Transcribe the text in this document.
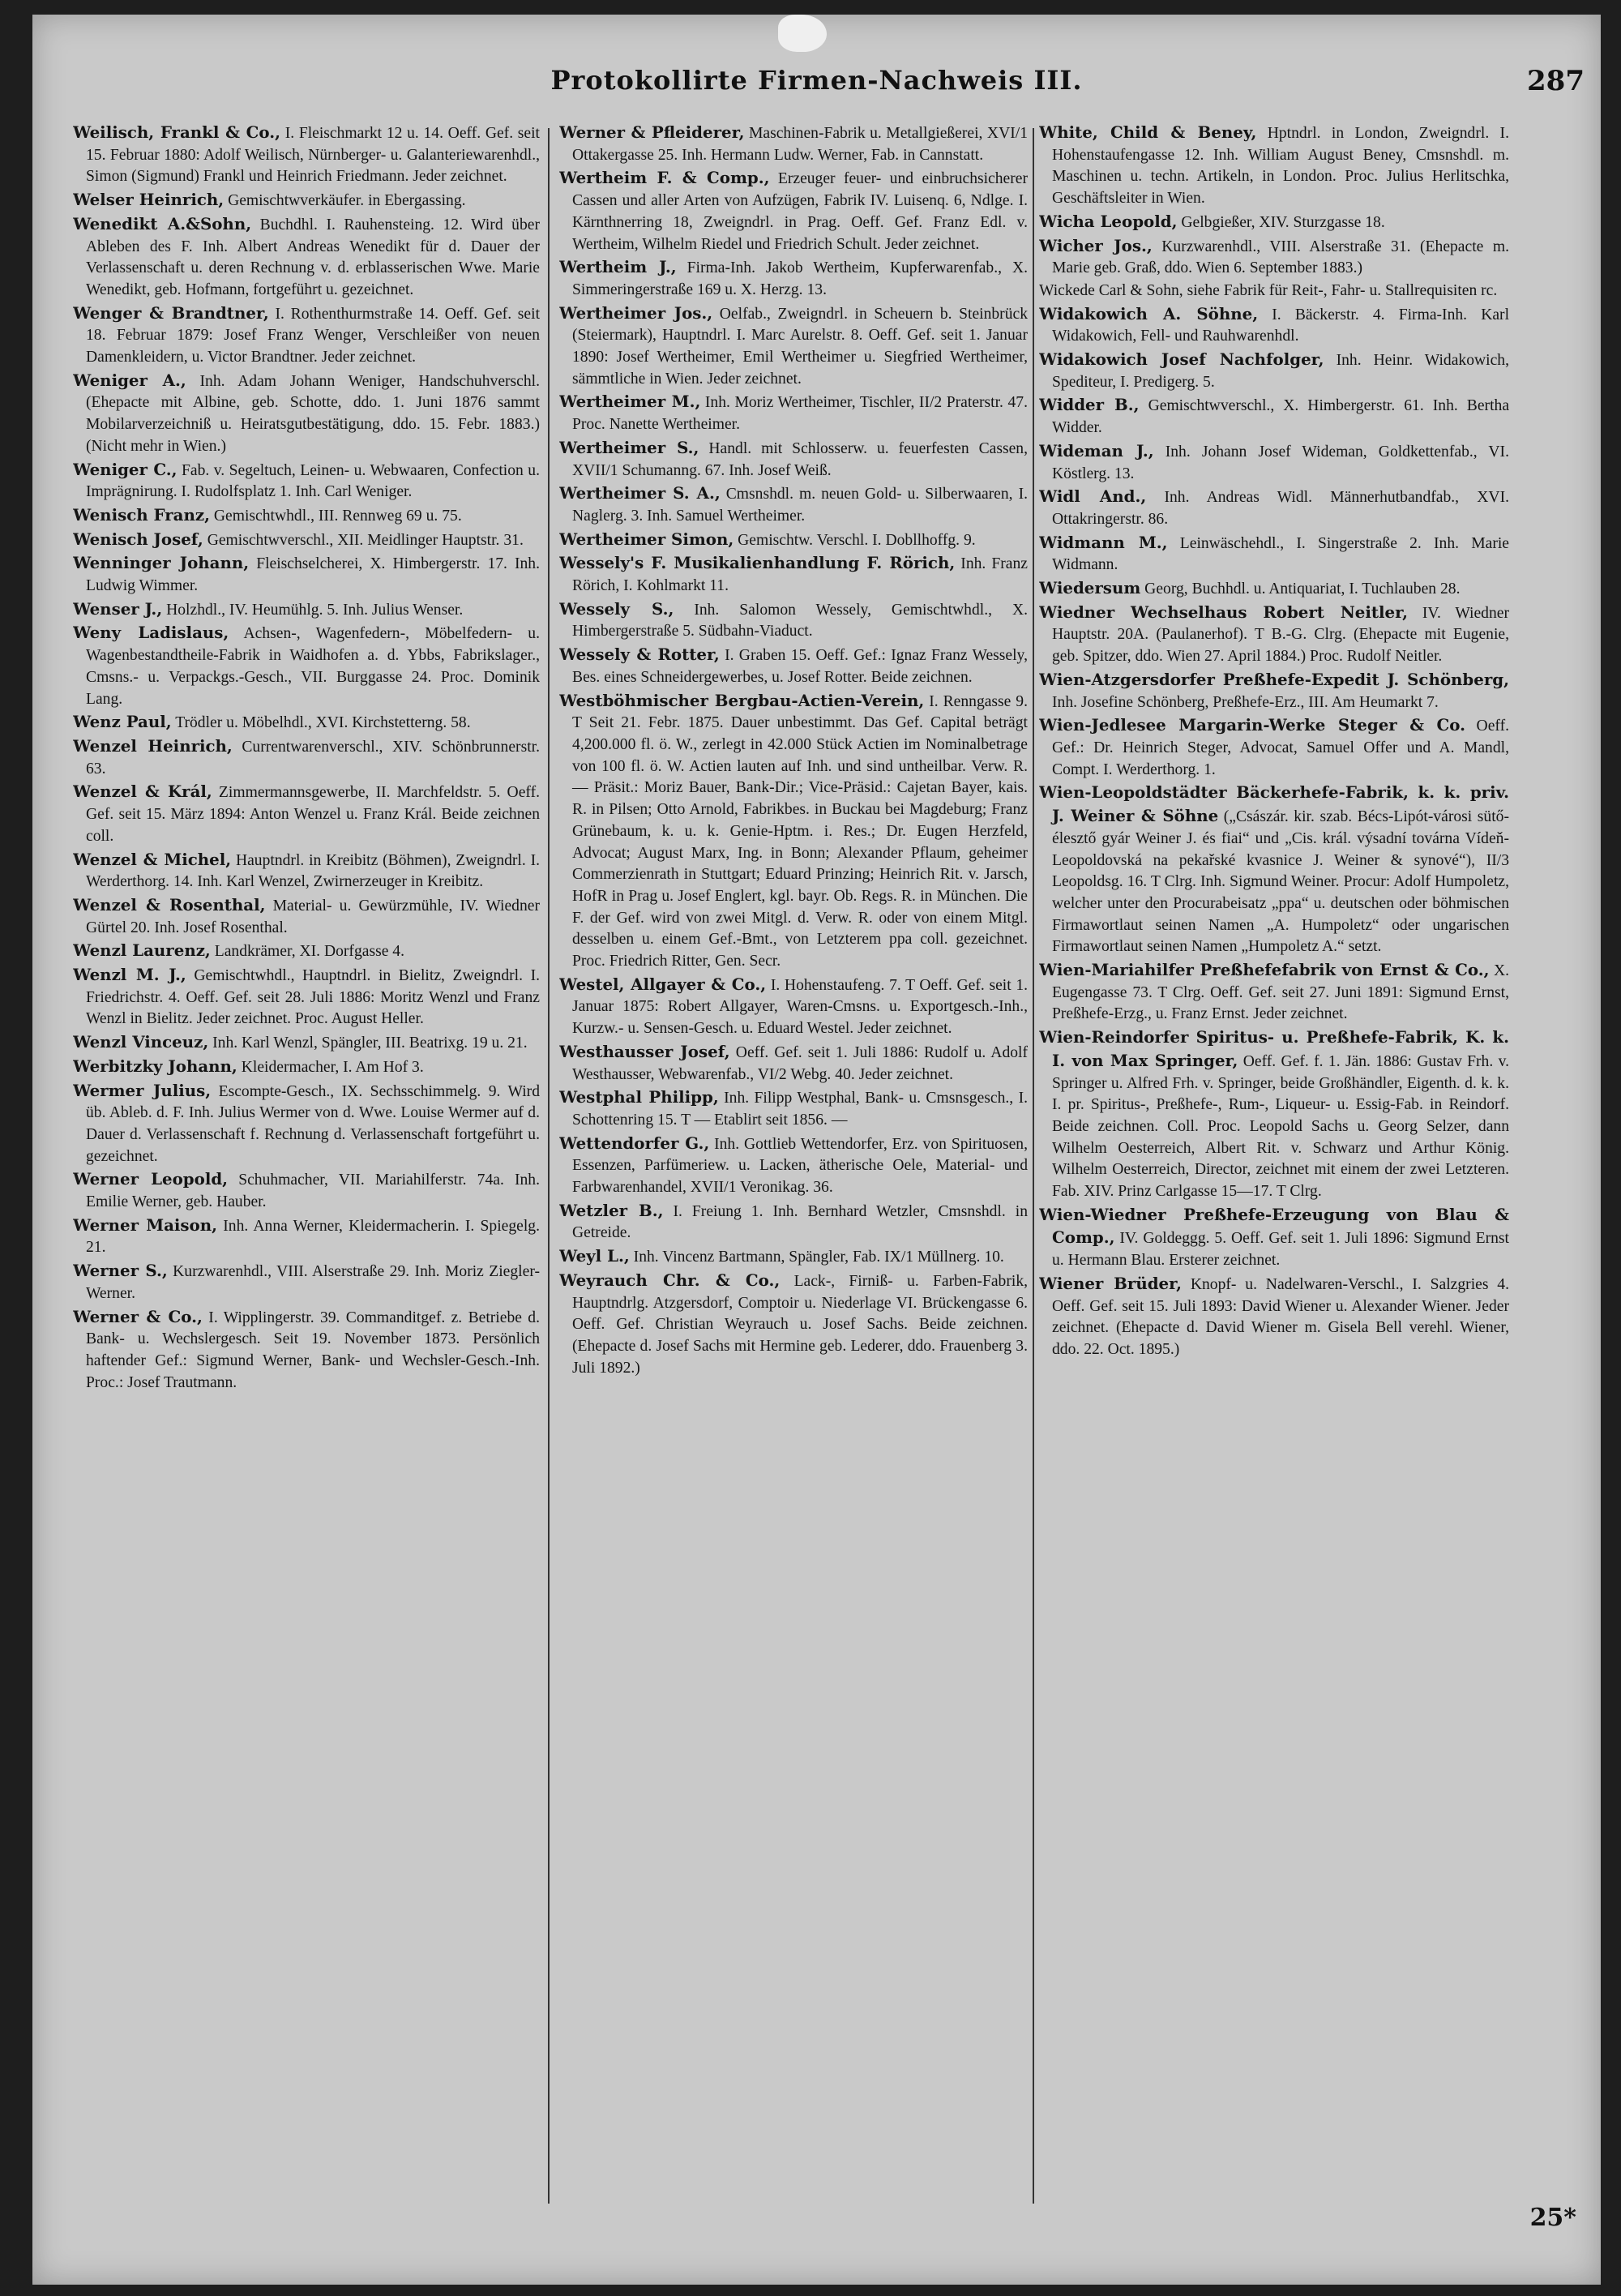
Protokollirte Firmen-Nachweis III.	287

Weilisch, Frankl & Co., I. Fleischmarkt 12 u. 14. Oeff. Gef. seit 15. Februar 1880: Adolf Weilisch, Nürnberger- u. Galanteriewarenhdl., Simon (Sigmund) Frankl und Heinrich Friedmann. Jeder zeichnet.

Welser Heinrich, Gemischtwverkäufer. in Ebergassing.

Wenedikt A.&Sohn, Buchdhl. I. Rauhensteing. 12. Wird über Ableben des F. Inh. Albert Andreas Wenedikt für d. Dauer der Verlassenschaft u. deren Rechnung v. d. erblasserischen Wwe. Marie Wenedikt, geb. Hofmann, fortgeführt u. gezeichnet.

Wenger & Brandtner, I. Rothenthurmstraße 14. Oeff. Gef. seit 18. Februar 1879: Josef Franz Wenger, Verschleißer von neuen Damenkleidern, u. Victor Brandtner. Jeder zeichnet.

Weniger A., Inh. Adam Johann Weniger, Handschuhverschl. (Ehepacte mit Albine, geb. Schotte, ddo. 1. Juni 1876 sammt Mobilarverzeichniß u. Heiratsgutbestätigung, ddo. 15. Febr. 1883.) (Nicht mehr in Wien.)

Weniger C., Fab. v. Segeltuch, Leinen- u. Webwaaren, Confection u. Imprägnirung. I. Rudolfsplatz 1. Inh. Carl Weniger.

Wenisch Franz, Gemischtwhdl., III. Rennweg 69 u. 75.

Wenisch Josef, Gemischtwverschl., XII. Meidlinger Hauptstr. 31.

Wenninger Johann, Fleischselcherei, X. Himbergerstr. 17. Inh. Ludwig Wimmer.

Wenser J., Holzhdl., IV. Heumühlg. 5. Inh. Julius Wenser.

Weny Ladislaus, Achsen-, Wagenfedern-, Möbelfedern- u. Wagenbestandtheile-Fabrik in Waidhofen a. d. Ybbs, Fabrikslager., Cmsns.- u. Verpackgs.-Gesch., VII. Burggasse 24. Proc. Dominik Lang.

Wenz Paul, Trödler u. Möbelhdl., XVI. Kirchstetterng. 58.

Wenzel Heinrich, Currentwarenverschl., XIV. Schönbrunnerstr. 63.

Wenzel & Král, Zimmermannsgewerbe, II. Marchfeldstr. 5. Oeff. Gef. seit 15. März 1894: Anton Wenzel u. Franz Král. Beide zeichnen coll.

Wenzel & Michel, Hauptndrl. in Kreibitz (Böhmen), Zweigndrl. I. Werderthorg. 14. Inh. Karl Wenzel, Zwirnerzeuger in Kreibitz.

Wenzel & Rosenthal, Material- u. Gewürzmühle, IV. Wiedner Gürtel 20. Inh. Josef Rosenthal.

Wenzl Laurenz, Landkrämer, XI. Dorfgasse 4.

Wenzl M. J., Gemischtwhdl., Hauptndrl. in Bielitz, Zweigndrl. I. Friedrichstr. 4. Oeff. Gef. seit 28. Juli 1886: Moritz Wenzl und Franz Wenzl in Bielitz. Jeder zeichnet. Proc. August Heller.

Wenzl Vinceuz, Inh. Karl Wenzl, Spängler, III. Beatrixg. 19 u. 21.

Werbitzky Johann, Kleidermacher, I. Am Hof 3.

Wermer Julius, Escompte-Gesch., IX. Sechsschimmelg. 9. Wird üb. Ableb. d. F. Inh. Julius Wermer von d. Wwe. Louise Wermer auf d. Dauer d. Verlassenschaft f. Rechnung d. Verlassenschaft fortgeführt u. gezeichnet.

Werner Leopold, Schuhmacher, VII. Mariahilferstr. 74a. Inh. Emilie Werner, geb. Hauber.

Werner Maison, Inh. Anna Werner, Kleidermacherin. I. Spiegelg. 21.

Werner S., Kurzwarenhdl., VIII. Alserstraße 29. Inh. Moriz Ziegler-Werner.

Werner & Co., I. Wipplingerstr. 39. Commanditgef. z. Betriebe d. Bank- u. Wechslergesch. Seit 19. November 1873. Persönlich haftender Gef.: Sigmund Werner, Bank- und Wechsler-Gesch.-Inh. Proc.: Josef Trautmann.

Werner & Pfleiderer, Maschinen-Fabrik u. Metallgießerei, XVI/1 Ottakergasse 25. Inh. Hermann Ludw. Werner, Fab. in Cannstatt.

Wertheim F. & Comp., Erzeuger feuer- und einbruchsicherer Cassen und aller Arten von Aufzügen, Fabrik IV. Luisenq. 6, Ndlge. I. Kärnthnerring 18, Zweigndrl. in Prag. Oeff. Gef. Franz Edl. v. Wertheim, Wilhelm Riedel und Friedrich Schult. Jeder zeichnet.

Wertheim J., Firma-Inh. Jakob Wertheim, Kupferwarenfab., X. Simmeringerstraße 169 u. X. Herzg. 13.

Wertheimer Jos., Oelfab., Zweigndrl. in Scheuern b. Steinbrück (Steiermark), Hauptndrl. I. Marc Aurelstr. 8. Oeff. Gef. seit 1. Januar 1890: Josef Wertheimer, Emil Wertheimer u. Siegfried Wertheimer, sämmtliche in Wien. Jeder zeichnet.

Wertheimer M., Inh. Moriz Wertheimer, Tischler, II/2 Praterstr. 47. Proc. Nanette Wertheimer.

Wertheimer S., Handl. mit Schlosserw. u. feuerfesten Cassen, XVII/1 Schumanng. 67. Inh. Josef Weiß.

Wertheimer S. A., Cmsnshdl. m. neuen Gold- u. Silberwaaren, I. Naglerg. 3. Inh. Samuel Wertheimer.

Wertheimer Simon, Gemischtw. Verschl. I. Dobllhoffg. 9.

Wessely's F. Musikalienhandlung F. Rörich, Inh. Franz Rörich, I. Kohlmarkt 11.

Wessely S., Inh. Salomon Wessely, Gemischtwhdl., X. Himbergerstraße 5. Südbahn-Viaduct.

Wessely & Rotter, I. Graben 15. Oeff. Gef.: Ignaz Franz Wessely, Bes. eines Schneidergewerbes, u. Josef Rotter. Beide zeichnen.

Westböhmischer Bergbau-Actien-Verein, I. Renngasse 9. T Seit 21. Febr. 1875. Dauer unbestimmt. Das Gef. Capital beträgt 4,200.000 fl. ö. W., zerlegt in 42.000 Stück Actien im Nominalbetrage von 100 fl. ö. W. Actien lauten auf Inh. und sind untheilbar. Verw. R. — Präsit.: Moriz Bauer, Bank-Dir.; Vice-Präsid.: Cajetan Bayer, kais. R. in Pilsen; Otto Arnold, Fabrikbes. in Buckau bei Magdeburg; Franz Grünebaum, k. u. k. Genie-Hptm. i. Res.; Dr. Eugen Herzfeld, Advocat; August Marx, Ing. in Bonn; Alexander Pflaum, geheimer Commerzienrath in Stuttgart; Eduard Prinzing; Heinrich Rit. v. Jarsch, HofR in Prag u. Josef Englert, kgl. bayr. Ob. Regs. R. in München. Die F. der Gef. wird von zwei Mitgl. d. Verw. R. oder von einem Mitgl. desselben u. einem Gef.-Bmt., von Letzterem ppa coll. gezeichnet. Proc. Friedrich Ritter, Gen. Secr.

Westel, Allgayer & Co., I. Hohenstaufeng. 7. T Oeff. Gef. seit 1. Januar 1875: Robert Allgayer, Waren-Cmsns. u. Exportgesch.-Inh., Kurzw.- u. Sensen-Gesch. u. Eduard Westel. Jeder zeichnet.

Westhausser Josef, Oeff. Gef. seit 1. Juli 1886: Rudolf u. Adolf Westhausser, Webwarenfab., VI/2 Webg. 40. Jeder zeichnet.

Westphal Philipp, Inh. Filipp Westphal, Bank- u. Cmsnsgesch., I. Schottenring 15. T — Etablirt seit 1856. —

Wettendorfer G., Inh. Gottlieb Wettendorfer, Erz. von Spirituosen, Essenzen, Parfümeriew. u. Lacken, ätherische Oele, Material- und Farbwarenhandel, XVII/1 Veronikag. 36.

Wetzler B., I. Freiung 1. Inh. Bernhard Wetzler, Cmsnshdl. in Getreide.

Weyl L., Inh. Vincenz Bartmann, Spängler, Fab. IX/1 Müllnerg. 10.

Weyrauch Chr. & Co., Lack-, Firniß- u. Farben-Fabrik, Hauptndrlg. Atzgersdorf, Comptoir u. Niederlage VI. Brückengasse 6. Oeff. Gef. Christian Weyrauch u. Josef Sachs. Beide zeichnen. (Ehepacte d. Josef Sachs mit Hermine geb. Lederer, ddo. Frauenberg 3. Juli 1892.)

White, Child & Beney, Hptndrl. in London, Zweigndrl. I. Hohenstaufengasse 12. Inh. William August Beney, Cmsnshdl. m. Maschinen u. techn. Artikeln, in London. Proc. Julius Herlitschka, Geschäftsleiter in Wien.

Wicha Leopold, Gelbgießer, XIV. Sturzgasse 18.

Wicher Jos., Kurzwarenhdl., VIII. Alserstraße 31. (Ehepacte m. Marie geb. Graß, ddo. Wien 6. September 1883.)

Wickede Carl & Sohn, siehe Fabrik für Reit-, Fahr- u. Stallrequisiten rc.

Widakowich A. Söhne, I. Bäckerstr. 4. Firma-Inh. Karl Widakowich, Fell- und Rauhwarenhdl.

Widakowich Josef Nachfolger, Inh. Heinr. Widakowich, Spediteur, I. Predigerg. 5.

Widder B., Gemischtwverschl., X. Himbergerstr. 61. Inh. Bertha Widder.

Wideman J., Inh. Johann Josef Wideman, Goldkettenfab., VI. Köstlerg. 13.

Widl And., Inh. Andreas Widl. Männerhutbandfab., XVI. Ottakringerstr. 86.

Widmann M., Leinwäschehdl., I. Singerstraße 2. Inh. Marie Widmann.

Wiedersum Georg, Buchhdl. u. Antiquariat, I. Tuchlauben 28.

Wiedner Wechselhaus Robert Neitler, IV. Wiedner Hauptstr. 20A. (Paulanerhof). T B.-G. Clrg. (Ehepacte mit Eugenie, geb. Spitzer, ddo. Wien 27. April 1884.) Proc. Rudolf Neitler.

Wien-Atzgersdorfer Preßhefe-Expedit J. Schönberg, Inh. Josefine Schönberg, Preßhefe-Erz., III. Am Heumarkt 7.

Wien-Jedlesee Margarin-Werke Steger & Co. Oeff. Gef.: Dr. Heinrich Steger, Advocat, Samuel Offer und A. Mandl, Compt. I. Werderthorg. 1.

Wien-Leopoldstädter Bäckerhefe-Fabrik, k. k. priv. J. Weiner & Söhne („Császár. kir. szab. Bécs-Lipót-városi sütő-élesztő gyár Weiner J. és fiai“ und „Cis. král. výsadní továrna Vídeň-Leopoldovská na pekařské kvasnice J. Weiner & synové“), II/3 Leopoldsg. 16. T Clrg. Inh. Sigmund Weiner. Procur: Adolf Humpoletz, welcher unter den Procurabeisatz „ppa“ u. deutschen oder böhmischen Firmawortlaut seinen Namen „A. Humpoletz“ oder ungarischen Firmawortlaut seinen Namen „Humpoletz A.“ setzt.

Wien-Mariahilfer Preßhefefabrik von Ernst & Co., X. Eugengasse 73. T Clrg. Oeff. Gef. seit 27. Juni 1891: Sigmund Ernst, Preßhefe-Erzg., u. Franz Ernst. Jeder zeichnet.

Wien-Reindorfer Spiritus- u. Preßhefe-Fabrik, K. k. I. von Max Springer, Oeff. Gef. f. 1. Jän. 1886: Gustav Frh. v. Springer u. Alfred Frh. v. Springer, beide Großhändler, Eigenth. d. k. k. I. pr. Spiritus-, Preßhefe-, Rum-, Liqueur- u. Essig-Fab. in Reindorf. Beide zeichnen. Coll. Proc. Leopold Sachs u. Georg Selzer, dann Wilhelm Oesterreich, Albert Rit. v. Schwarz und Arthur König. Wilhelm Oesterreich, Director, zeichnet mit einem der zwei Letzteren. Fab. XIV. Prinz Carlgasse 15—17. T Clrg.

Wien-Wiedner Preßhefe-Erzeugung von Blau & Comp., IV. Goldeggg. 5. Oeff. Gef. seit 1. Juli 1896: Sigmund Ernst u. Hermann Blau. Ersterer zeichnet.

Wiener Brüder, Knopf- u. Nadelwaren-Verschl., I. Salzgries 4. Oeff. Gef. seit 15. Juli 1893: David Wiener u. Alexander Wiener. Jeder zeichnet. (Ehepacte d. David Wiener m. Gisela Bell verehl. Wiener, ddo. 22. Oct. 1895.)

25*
